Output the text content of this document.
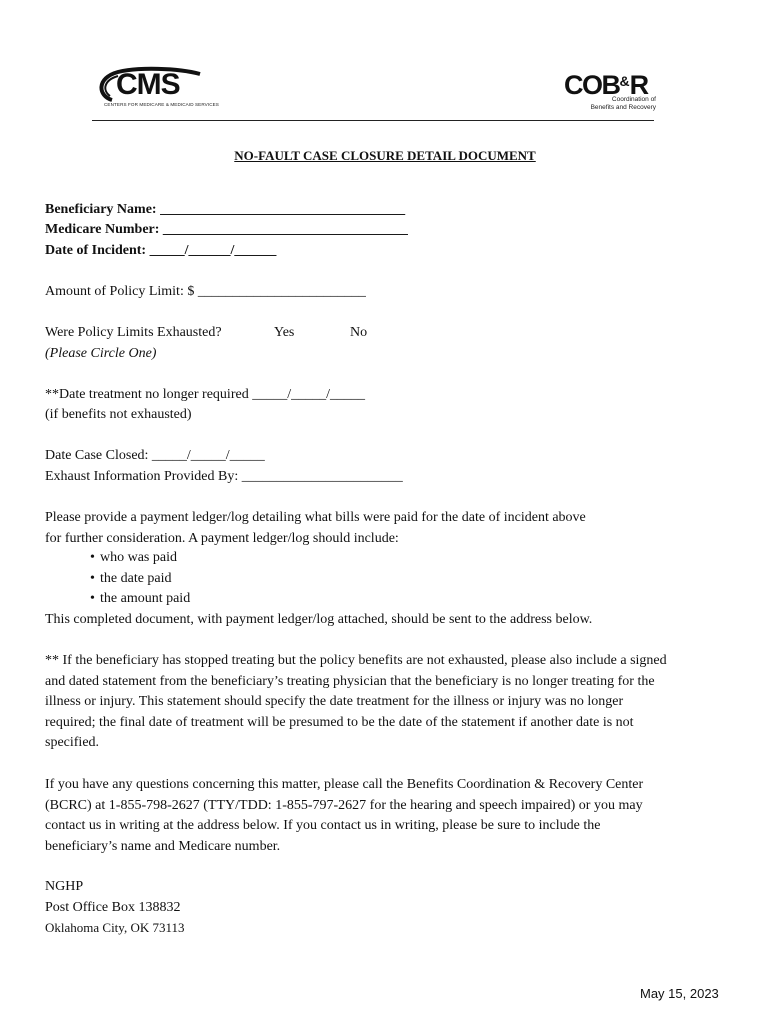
CMS
CENTERS FOR MEDICARE & MEDICAID SERVICES
COB&R
Coordination of
Benefits and Recovery
NO-FAULT CASE CLOSURE DETAIL DOCUMENT
Beneficiary Name: ___________________________________
Medicare Number: ___________________________________
Date of Incident: _____/______/______
Amount of Policy Limit: $ ________________________
Were Policy Limits Exhausted?	Yes	No
(Please Circle One)
**Date treatment no longer required _____/_____/_____
(if benefits not exhausted)
Date Case Closed: _____/_____/_____
Exhaust Information Provided By: _______________________
Please provide a payment ledger/log detailing what bills were paid for the date of incident above
for further consideration. A payment ledger/log should include:
• who was paid
• the date paid
• the amount paid
This completed document, with payment ledger/log attached, should be sent to the address below.
** If the beneficiary has stopped treating but the policy benefits are not exhausted, please also include a signed
and dated statement from the beneficiary’s treating physician that the beneficiary is no longer treating for the
illness or injury. This statement should specify the date treatment for the illness or injury was no longer
required; the final date of treatment will be presumed to be the date of the statement if another date is not
specified.
If you have any questions concerning this matter, please call the Benefits Coordination & Recovery Center
(BCRC) at 1-855-798-2627 (TTY/TDD: 1-855-797-2627 for the hearing and speech impaired) or you may
contact us in writing at the address below. If you contact us in writing, please be sure to include the
beneficiary’s name and Medicare number.
NGHP
Post Office Box 138832
Oklahoma City, OK 73113
May 15, 2023
